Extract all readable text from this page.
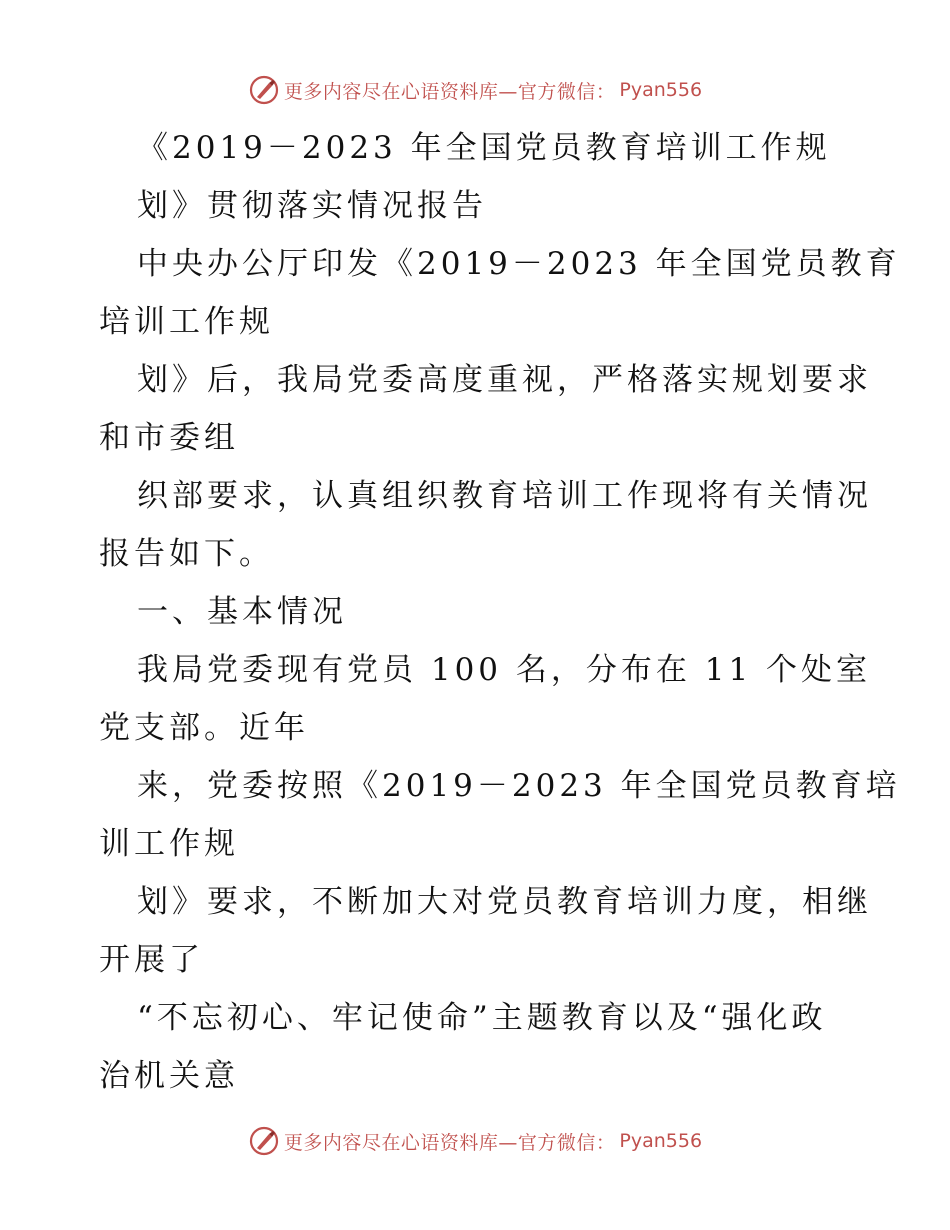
更多内容尽在心语资料库—官方微信： Pyan556
《2019－2023 年全国党员教育培训工作规
划》贯彻落实情况报告
中央办公厅印发《2019－2023 年全国党员教育
培训工作规
划》后，我局党委高度重视，严格落实规划要求
和市委组
织部要求，认真组织教育培训工作现将有关情况
报告如下。
一、基本情况
我局党委现有党员 100 名，分布在 11 个处室
党支部。近年
来，党委按照《2019－2023 年全国党员教育培
训工作规
划》要求，不断加大对党员教育培训力度，相继
开展了
“不忘初心、牢记使命”主题教育以及“强化政
治机关意
更多内容尽在心语资料库—官方微信： Pyan556
